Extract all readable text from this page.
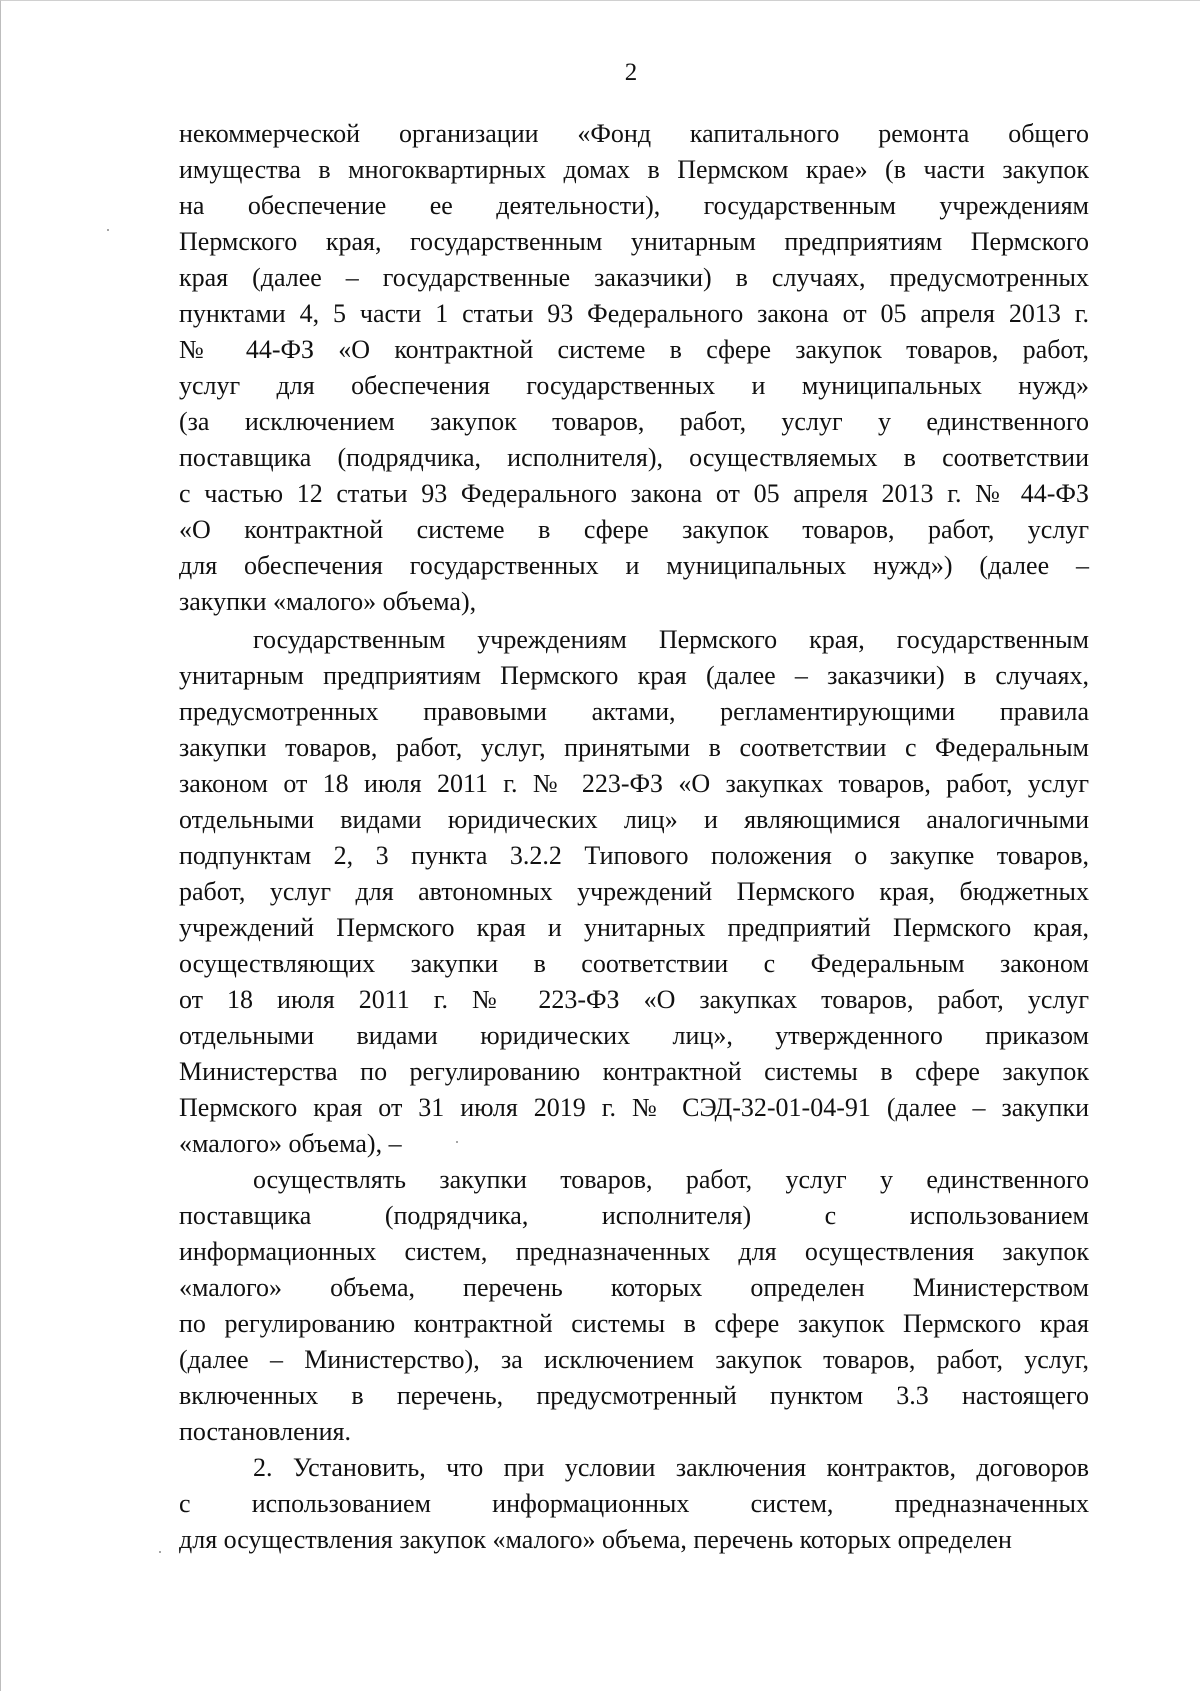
2
некоммерческой организации «Фонд капитального ремонта общего
имущества в многоквартирных домах в Пермском крае» (в части закупок
на обеспечение ее деятельности), государственным учреждениям
Пермского края, государственным унитарным предприятиям Пермского
края (далее – государственные заказчики) в случаях, предусмотренных
пунктами 4, 5 части 1 статьи 93 Федерального закона от 05 апреля 2013 г.
№ 44-ФЗ «О контрактной системе в сфере закупок товаров, работ,
услуг для обеспечения государственных и муниципальных нужд»
(за исключением закупок товаров, работ, услуг у единственного
поставщика (подрядчика, исполнителя), осуществляемых в соответствии
с частью 12 статьи 93 Федерального закона от 05 апреля 2013 г. № 44-ФЗ
«О контрактной системе в сфере закупок товаров, работ, услуг
для обеспечения государственных и муниципальных нужд») (далее –
закупки «малого» объема),
государственным учреждениям Пермского края, государственным
унитарным предприятиям Пермского края (далее – заказчики) в случаях,
предусмотренных правовыми актами, регламентирующими правила
закупки товаров, работ, услуг, принятыми в соответствии с Федеральным
законом от 18 июля 2011 г. № 223-ФЗ «О закупках товаров, работ, услуг
отдельными видами юридических лиц» и являющимися аналогичными
подпунктам 2, 3 пункта 3.2.2 Типового положения о закупке товаров,
работ, услуг для автономных учреждений Пермского края, бюджетных
учреждений Пермского края и унитарных предприятий Пермского края,
осуществляющих закупки в соответствии с Федеральным законом
от 18 июля 2011 г. № 223-ФЗ «О закупках товаров, работ, услуг
отдельными видами юридических лиц», утвержденного приказом
Министерства по регулированию контрактной системы в сфере закупок
Пермского края от 31 июля 2019 г. № СЭД-32-01-04-91 (далее – закупки
«малого» объема), –
осуществлять закупки товаров, работ, услуг у единственного
поставщика (подрядчика, исполнителя) с использованием
информационных систем, предназначенных для осуществления закупок
«малого» объема, перечень которых определен Министерством
по регулированию контрактной системы в сфере закупок Пермского края
(далее – Министерство), за исключением закупок товаров, работ, услуг,
включенных в перечень, предусмотренный пунктом 3.3 настоящего
постановления.
2. Установить, что при условии заключения контрактов, договоров
с использованием информационных систем, предназначенных
для осуществления закупок «малого» объема, перечень которых определен
